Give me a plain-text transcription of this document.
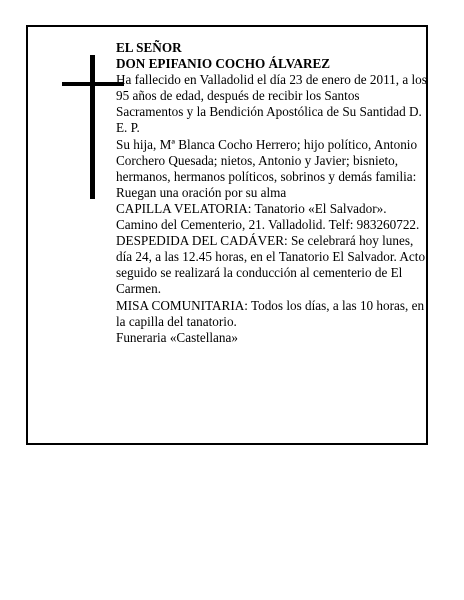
EL SEÑOR

DON EPIFANIO COCHO ÁLVAREZ

Ha fallecido en Valladolid el día 23 de enero de 2011, a los 95 años de edad, después de recibir los Santos Sacramentos y la Bendición Apostólica de Su Santidad D. E. P.

Su hija, Mª Blanca Cocho Herrero; hijo político, Antonio Corchero Quesada; nietos, Antonio y Javier; bisnieto, hermanos, hermanos políticos, sobrinos y demás familia:

Ruegan una oración por su alma

CAPILLA VELATORIA: Tanatorio «El Salvador». Camino del Cementerio, 21. Valladolid. Telf: 983260722.

DESPEDIDA DEL CADÁVER: Se celebrará hoy lunes, día 24, a las 12.45 horas, en el Tanatorio El Salvador. Acto seguido se realizará la conducción al cementerio de El Carmen.

MISA COMUNITARIA: Todos los días, a las 10 horas, en la capilla del tanatorio.

Funeraria «Castellana»
